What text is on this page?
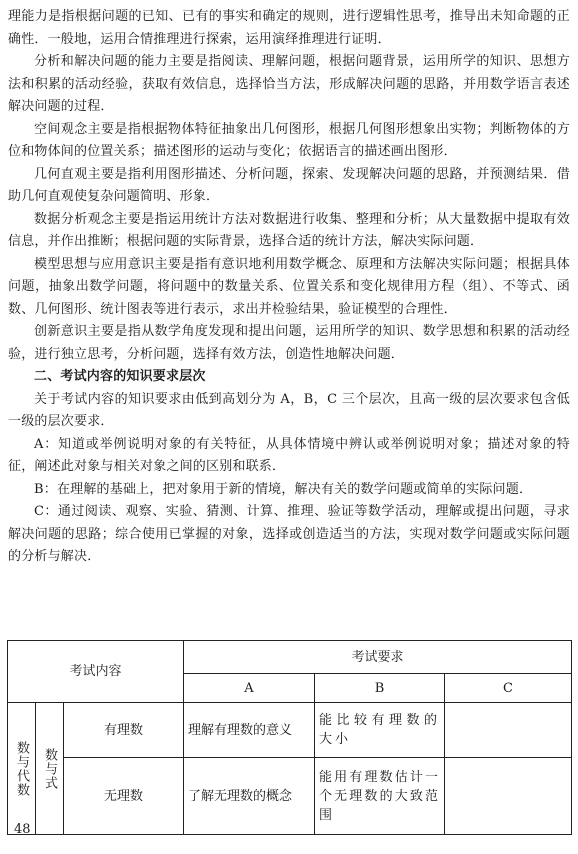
理能力是指根据问题的已知、已有的事实和确定的规则，进行逻辑性思考，推导出未知命题的正确性．一般地，运用合情推理进行探索，运用演绎推理进行证明．

分析和解决问题的能力主要是指阅读、理解问题，根据问题背景，运用所学的知识、思想方法和积累的活动经验，获取有效信息，选择恰当方法，形成解决问题的思路，并用数学语言表述解决问题的过程．

空间观念主要是指根据物体特征抽象出几何图形，根据几何图形想象出实物；判断物体的方位和物体间的位置关系；描述图形的运动与变化；依据语言的描述画出图形．

几何直观主要是指利用图形描述、分析问题，探索、发现解决问题的思路，并预测结果．借助几何直观使复杂问题简明、形象．

数据分析观念主要是指运用统计方法对数据进行收集、整理和分析；从大量数据中提取有效信息，并作出推断；根据问题的实际背景，选择合适的统计方法，解决实际问题．

模型思想与应用意识主要是指有意识地利用数学概念、原理和方法解决实际问题；根据具体问题，抽象出数学问题，将问题中的数量关系、位置关系和变化规律用方程（组）、不等式、函数、几何图形、统计图表等进行表示，求出并检验结果，验证模型的合理性．

创新意识主要是指从数学角度发现和提出问题，运用所学的知识、数学思想和积累的活动经验，进行独立思考，分析问题，选择有效方法，创造性地解决问题．

二、考试内容的知识要求层次

关于考试内容的知识要求由低到高划分为 A，B，C 三个层次，且高一级的层次要求包含低一级的层次要求．

A：知道或举例说明对象的有关特征，从具体情境中辨认或举例说明对象；描述对象的特征，阐述此对象与相关对象之间的区别和联系．

B：在理解的基础上，把对象用于新的情境，解决有关的数学问题或简单的实际问题．

C：通过阅读、观察、实验、猜测、计算、推理、验证等数学活动，理解或提出问题，寻求解决问题的思路；综合使用已掌握的对象，选择或创造适当的方法，实现对数学问题或实际问题的分析与解决．

考试内容			考试要求		
			A	B	C

数与代数	数与式	有理数	理解有理数的意义	能比较有理数的大小	
		无理数	了解无理数的概念	能用有理数估计一个无理数的大致范围	
48
